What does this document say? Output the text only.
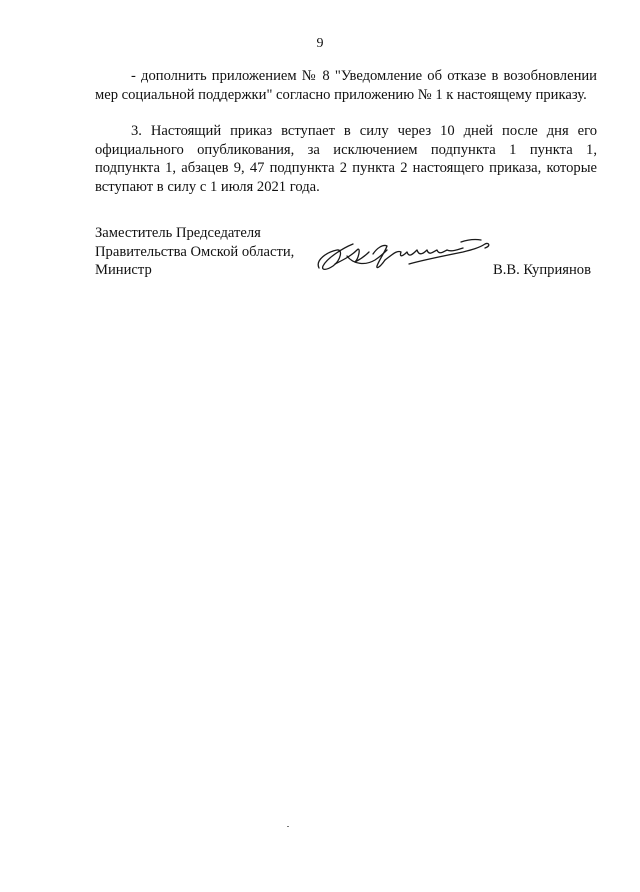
9

- дополнить приложением № 8 "Уведомление об отказе в возобновлении мер социальной поддержки" согласно приложению № 1 к настоящему приказу.

3. Настоящий приказ вступает в силу через 10 дней после дня его официального опубликования, за исключением подпункта 1 пункта 1, подпункта 1, абзацев 9, 47 подпункта 2 пункта 2 настоящего приказа, которые вступают в силу с 1 июля 2021 года.

Заместитель Председателя
Правительства Омской области,
Министр	В.В. Куприянов
